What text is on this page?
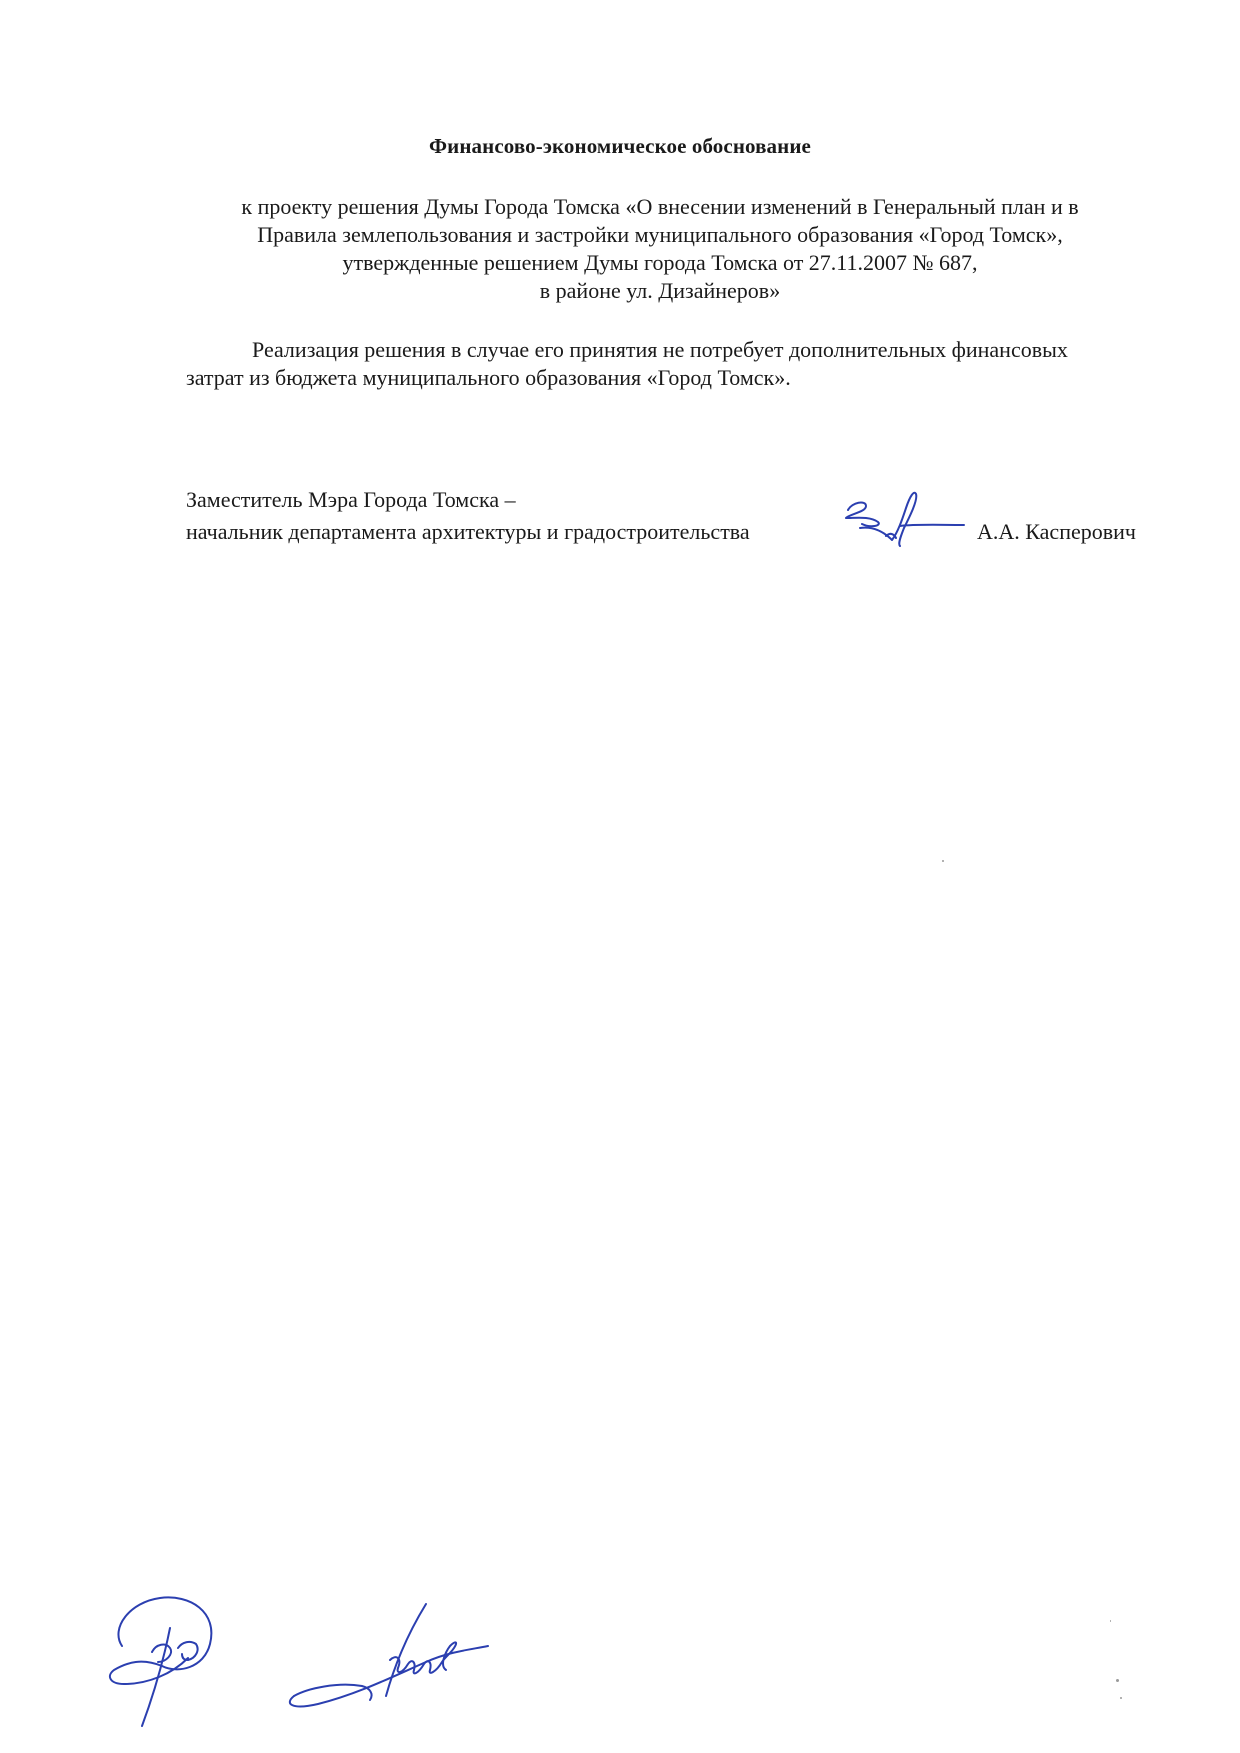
Финансово-экономическое обоснование
к проекту решения Думы Города Томска «О внесении изменений в Генеральный план и в
Правила землепользования и застройки муниципального образования «Город Томск»,
утвержденные решением Думы города Томска от 27.11.2007 № 687,
в районе ул. Дизайнеров»
Реализация решения в случае его принятия не потребует дополнительных финансовых
затрат из бюджета муниципального образования «Город Томск».
Заместитель Мэра Города Томска –
начальник департамента архитектуры и градостроительства	А.А. Касперович
